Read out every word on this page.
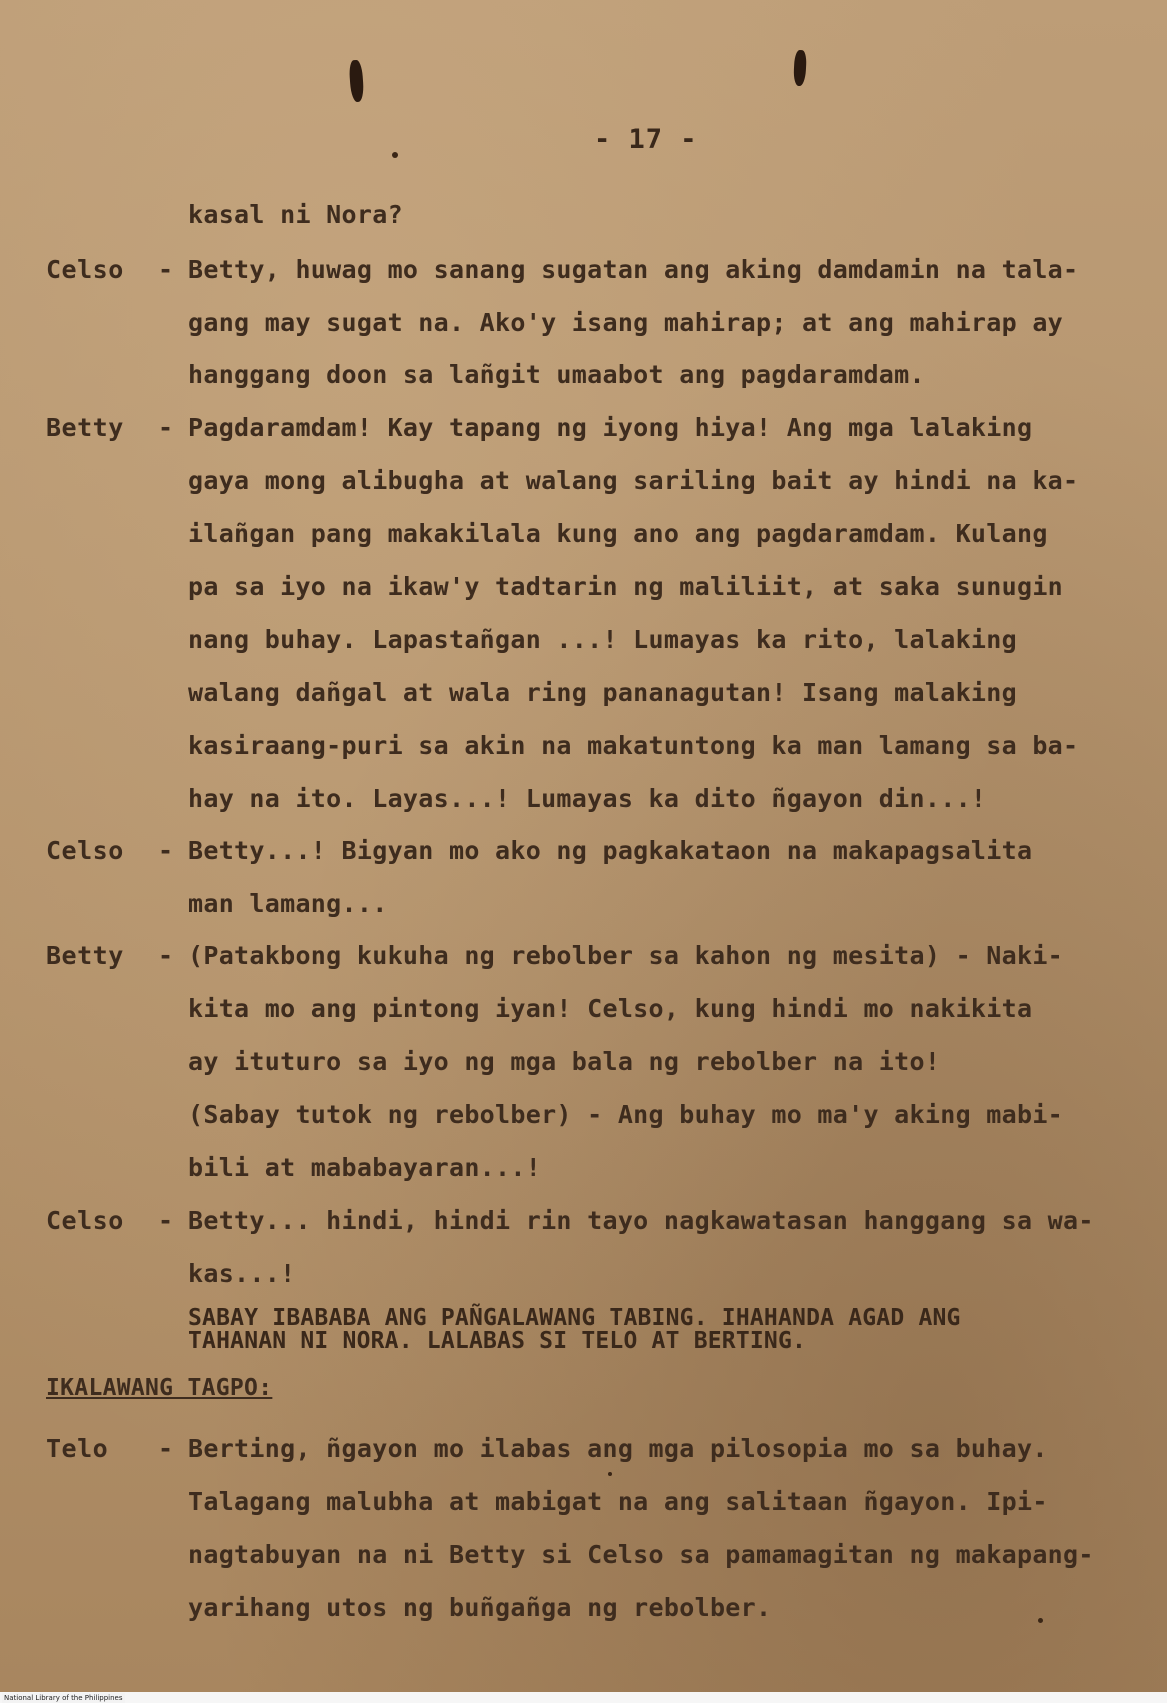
- 17 -
kasal ni Nora?
Celso - Betty, huwag mo sanang sugatan ang aking damdamin na tala-
gang may sugat na. Ako'y isang mahirap; at ang mahirap ay
hanggang doon sa lañgit umaabot ang pagdaramdam.
Betty - Pagdaramdam! Kay tapang ng iyong hiya! Ang mga lalaking
gaya mong alibugha at walang sariling bait ay hindi na ka-
ilañgan pang makakilala kung ano ang pagdaramdam. Kulang
pa sa iyo na ikaw'y tadtarin ng maliliit, at saka sunugin
nang buhay. Lapastañgan ...! Lumayas ka rito, lalaking
walang dañgal at wala ring pananagutan! Isang malaking
kasiraang-puri sa akin na makatuntong ka man lamang sa ba-
hay na ito. Layas...! Lumayas ka dito ñgayon din...!
Celso - Betty...! Bigyan mo ako ng pagkakataon na makapagsalita
man lamang...
Betty - (Patakbong kukuha ng rebolber sa kahon ng mesita) - Naki-
kita mo ang pintong iyan! Celso, kung hindi mo nakikita
ay ituturo sa iyo ng mga bala ng rebolber na ito!
(Sabay tutok ng rebolber) - Ang buhay mo ma'y aking mabi-
bili at mababayaran...!
Celso - Betty... hindi, hindi rin tayo nagkawatasan hanggang sa wa-
kas...!
SABAY IBABABA ANG PAÑGALAWANG TABING. IHAHANDA AGAD ANG
TAHANAN NI NORA. LALABAS SI TELO AT BERTING.
IKALAWANG TAGPO:
Telo - Berting, ñgayon mo ilabas ang mga pilosopia mo sa buhay.
Talagang malubha at mabigat na ang salitaan ñgayon. Ipi-
nagtabuyan na ni Betty si Celso sa pamamagitan ng makapang-
yarihang utos ng buñgañga ng rebolber.
National Library of the Philippines
